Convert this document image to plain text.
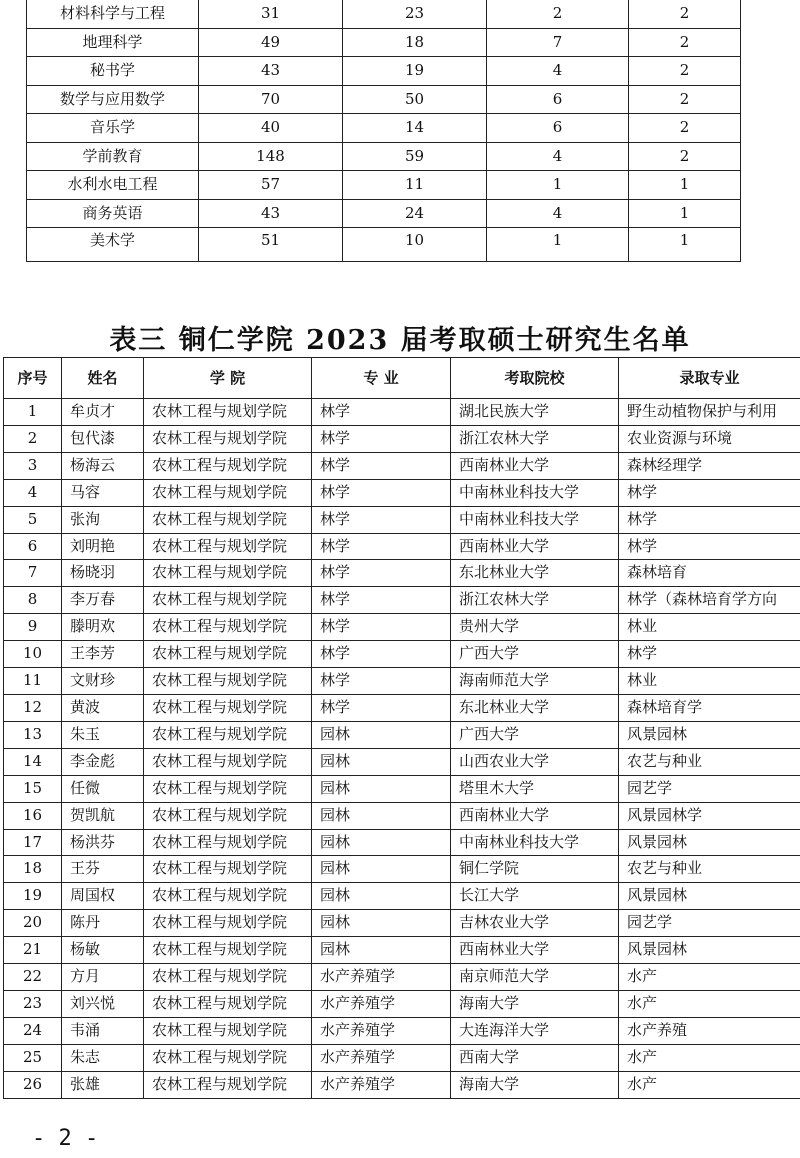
材料科学与工程	31	23	2	2
地理科学	49	18	7	2
秘书学	43	19	4	2
数学与应用数学	70	50	6	2
音乐学	40	14	6	2
学前教育	148	59	4	2
水利水电工程	57	11	1	1
商务英语	43	24	4	1
美术学	51	10	1	1
表三 铜仁学院 2023 届考取硕士研究生名单
序号	姓名	学 院	专 业	考取院校	录取专业
1	牟贞才	农林工程与规划学院	林学	湖北民族大学	野生动植物保护与利用
2	包代漆	农林工程与规划学院	林学	浙江农林大学	农业资源与环境
3	杨海云	农林工程与规划学院	林学	西南林业大学	森林经理学
4	马容	农林工程与规划学院	林学	中南林业科技大学	林学
5	张洵	农林工程与规划学院	林学	中南林业科技大学	林学
6	刘明艳	农林工程与规划学院	林学	西南林业大学	林学
7	杨晓羽	农林工程与规划学院	林学	东北林业大学	森林培育
8	李万春	农林工程与规划学院	林学	浙江农林大学	林学（森林培育学方向
9	滕明欢	农林工程与规划学院	林学	贵州大学	林业
10	王李芳	农林工程与规划学院	林学	广西大学	林学
11	文财珍	农林工程与规划学院	林学	海南师范大学	林业
12	黄波	农林工程与规划学院	林学	东北林业大学	森林培育学
13	朱玉	农林工程与规划学院	园林	广西大学	风景园林
14	李金彪	农林工程与规划学院	园林	山西农业大学	农艺与种业
15	任微	农林工程与规划学院	园林	塔里木大学	园艺学
16	贺凯航	农林工程与规划学院	园林	西南林业大学	风景园林学
17	杨洪芬	农林工程与规划学院	园林	中南林业科技大学	风景园林
18	王芬	农林工程与规划学院	园林	铜仁学院	农艺与种业
19	周国权	农林工程与规划学院	园林	长江大学	风景园林
20	陈丹	农林工程与规划学院	园林	吉林农业大学	园艺学
21	杨敏	农林工程与规划学院	园林	西南林业大学	风景园林
22	方月	农林工程与规划学院	水产养殖学	南京师范大学	水产
23	刘兴悦	农林工程与规划学院	水产养殖学	海南大学	水产
24	韦涌	农林工程与规划学院	水产养殖学	大连海洋大学	水产养殖
25	朱志	农林工程与规划学院	水产养殖学	西南大学	水产
26	张雄	农林工程与规划学院	水产养殖学	海南大学	水产
- 2 -
